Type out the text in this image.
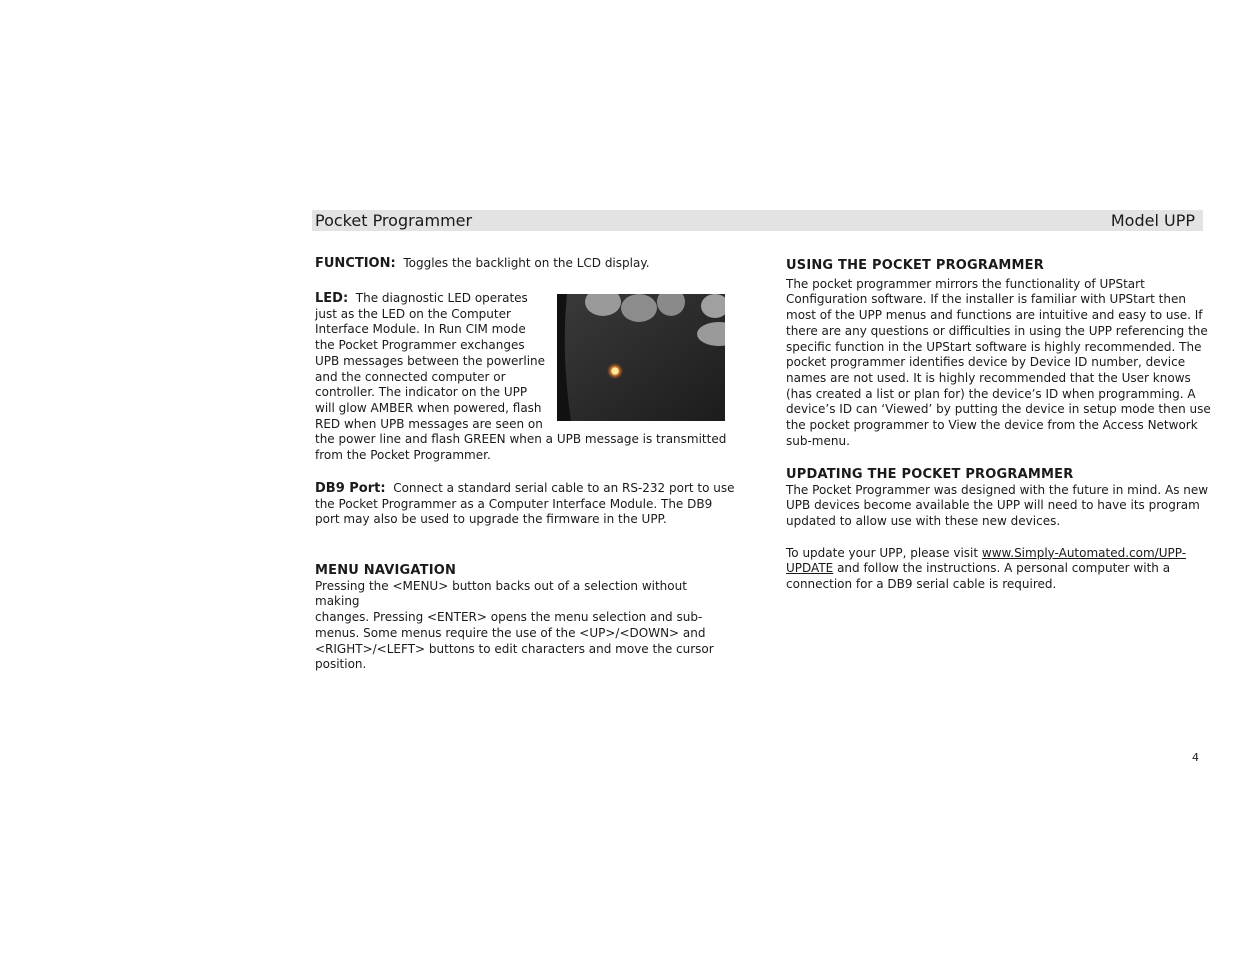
Pocket Programmer	Model UPP
FUNCTION: Toggles the backlight on the LCD display.
LED: The diagnostic LED operates
just as the LED on the Computer
Interface Module. In Run CIM mode
the Pocket Programmer exchanges
UPB messages between the powerline
and the connected computer or
controller. The indicator on the UPP
will glow AMBER when powered, flash
RED when UPB messages are seen on
the power line and flash GREEN when a UPB message is transmitted
from the Pocket Programmer.
DB9 Port: Connect a standard serial cable to an RS-232 port to use
the Pocket Programmer as a Computer Interface Module. The DB9
port may also be used to upgrade the firmware in the UPP.
MENU NAVIGATION
Pressing the <MENU> button backs out of a selection without making
changes. Pressing <ENTER> opens the menu selection and sub-
menus. Some menus require the use of the <UP>/<DOWN> and
<RIGHT>/<LEFT> buttons to edit characters and move the cursor
position.
USING THE POCKET PROGRAMMER
The pocket programmer mirrors the functionality of UPStart
Configuration software. If the installer is familiar with UPStart then
most of the UPP menus and functions are intuitive and easy to use. If
there are any questions or difficulties in using the UPP referencing the
specific function in the UPStart software is highly recommended. The
pocket programmer identifies device by Device ID number, device
names are not used. It is highly recommended that the User knows
(has created a list or plan for) the device’s ID when programming. A
device’s ID can ‘Viewed’ by putting the device in setup mode then use
the pocket programmer to View the device from the Access Network
sub-menu.
UPDATING THE POCKET PROGRAMMER
The Pocket Programmer was designed with the future in mind. As new
UPB devices become available the UPP will need to have its program
updated to allow use with these new devices.
To update your UPP, please visit www.Simply-Automated.com/UPP-
UPDATE and follow the instructions. A personal computer with a
connection for a DB9 serial cable is required.
4
